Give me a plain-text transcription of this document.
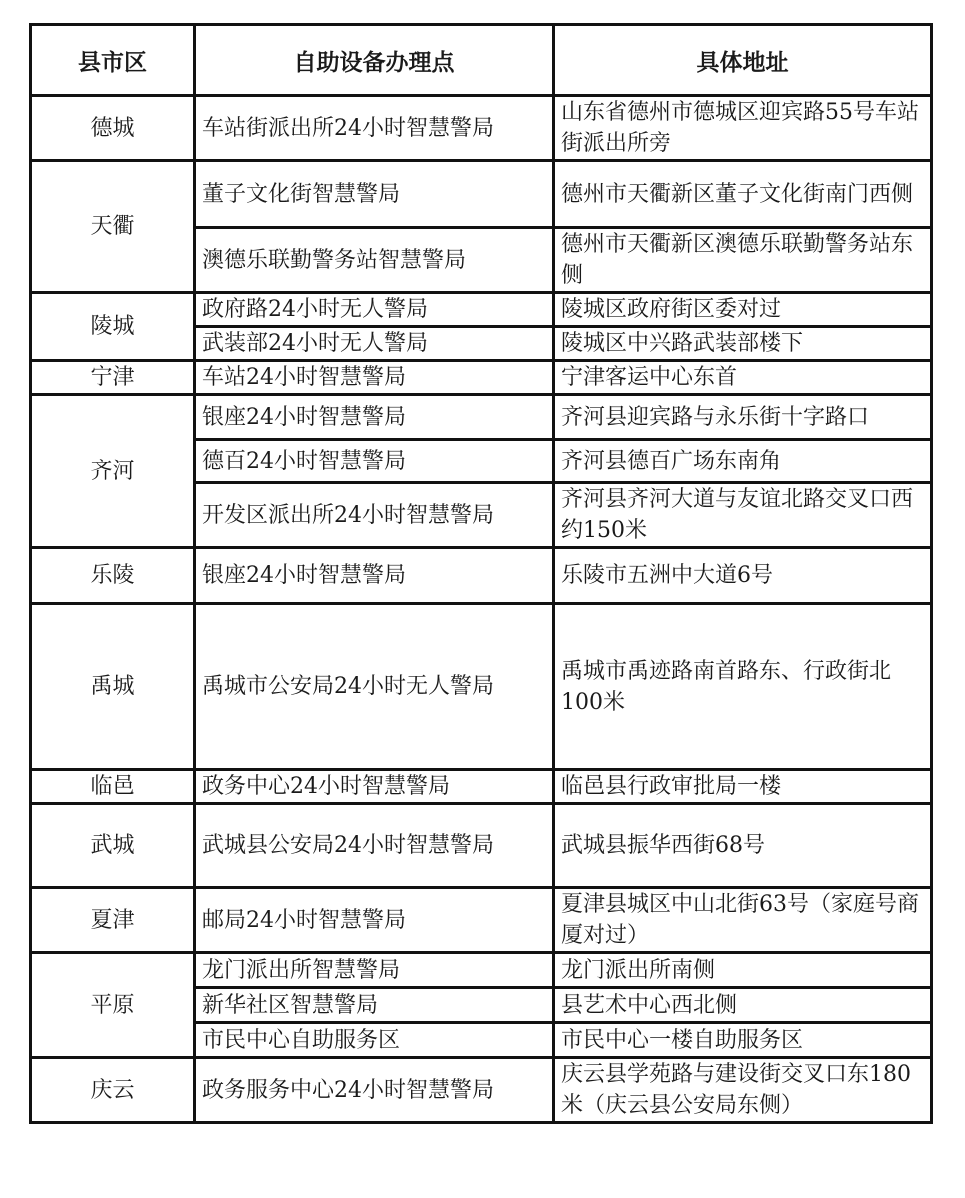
县市区	自助设备办理点	具体地址
德城	车站街派出所24小时智慧警局	山东省德州市德城区迎宾路55号车站街派出所旁
天衢	董子文化街智慧警局	德州市天衢新区董子文化街南门西侧
	澳德乐联勤警务站智慧警局	德州市天衢新区澳德乐联勤警务站东侧
陵城	政府路24小时无人警局	陵城区政府街区委对过
	武装部24小时无人警局	陵城区中兴路武装部楼下
宁津	车站24小时智慧警局	宁津客运中心东首
齐河	银座24小时智慧警局	齐河县迎宾路与永乐街十字路口
	德百24小时智慧警局	齐河县德百广场东南角
	开发区派出所24小时智慧警局	齐河县齐河大道与友谊北路交叉口西约150米
乐陵	银座24小时智慧警局	乐陵市五洲中大道6号
禹城	禹城市公安局24小时无人警局	禹城市禹迹路南首路东、行政街北100米
临邑	政务中心24小时智慧警局	临邑县行政审批局一楼
武城	武城县公安局24小时智慧警局	武城县振华西街68号
夏津	邮局24小时智慧警局	夏津县城区中山北街63号（家庭号商厦对过）
平原	龙门派出所智慧警局	龙门派出所南侧
	新华社区智慧警局	县艺术中心西北侧
	市民中心自助服务区	市民中心一楼自助服务区
庆云	政务服务中心24小时智慧警局	庆云县学苑路与建设街交叉口东180米（庆云县公安局东侧）
